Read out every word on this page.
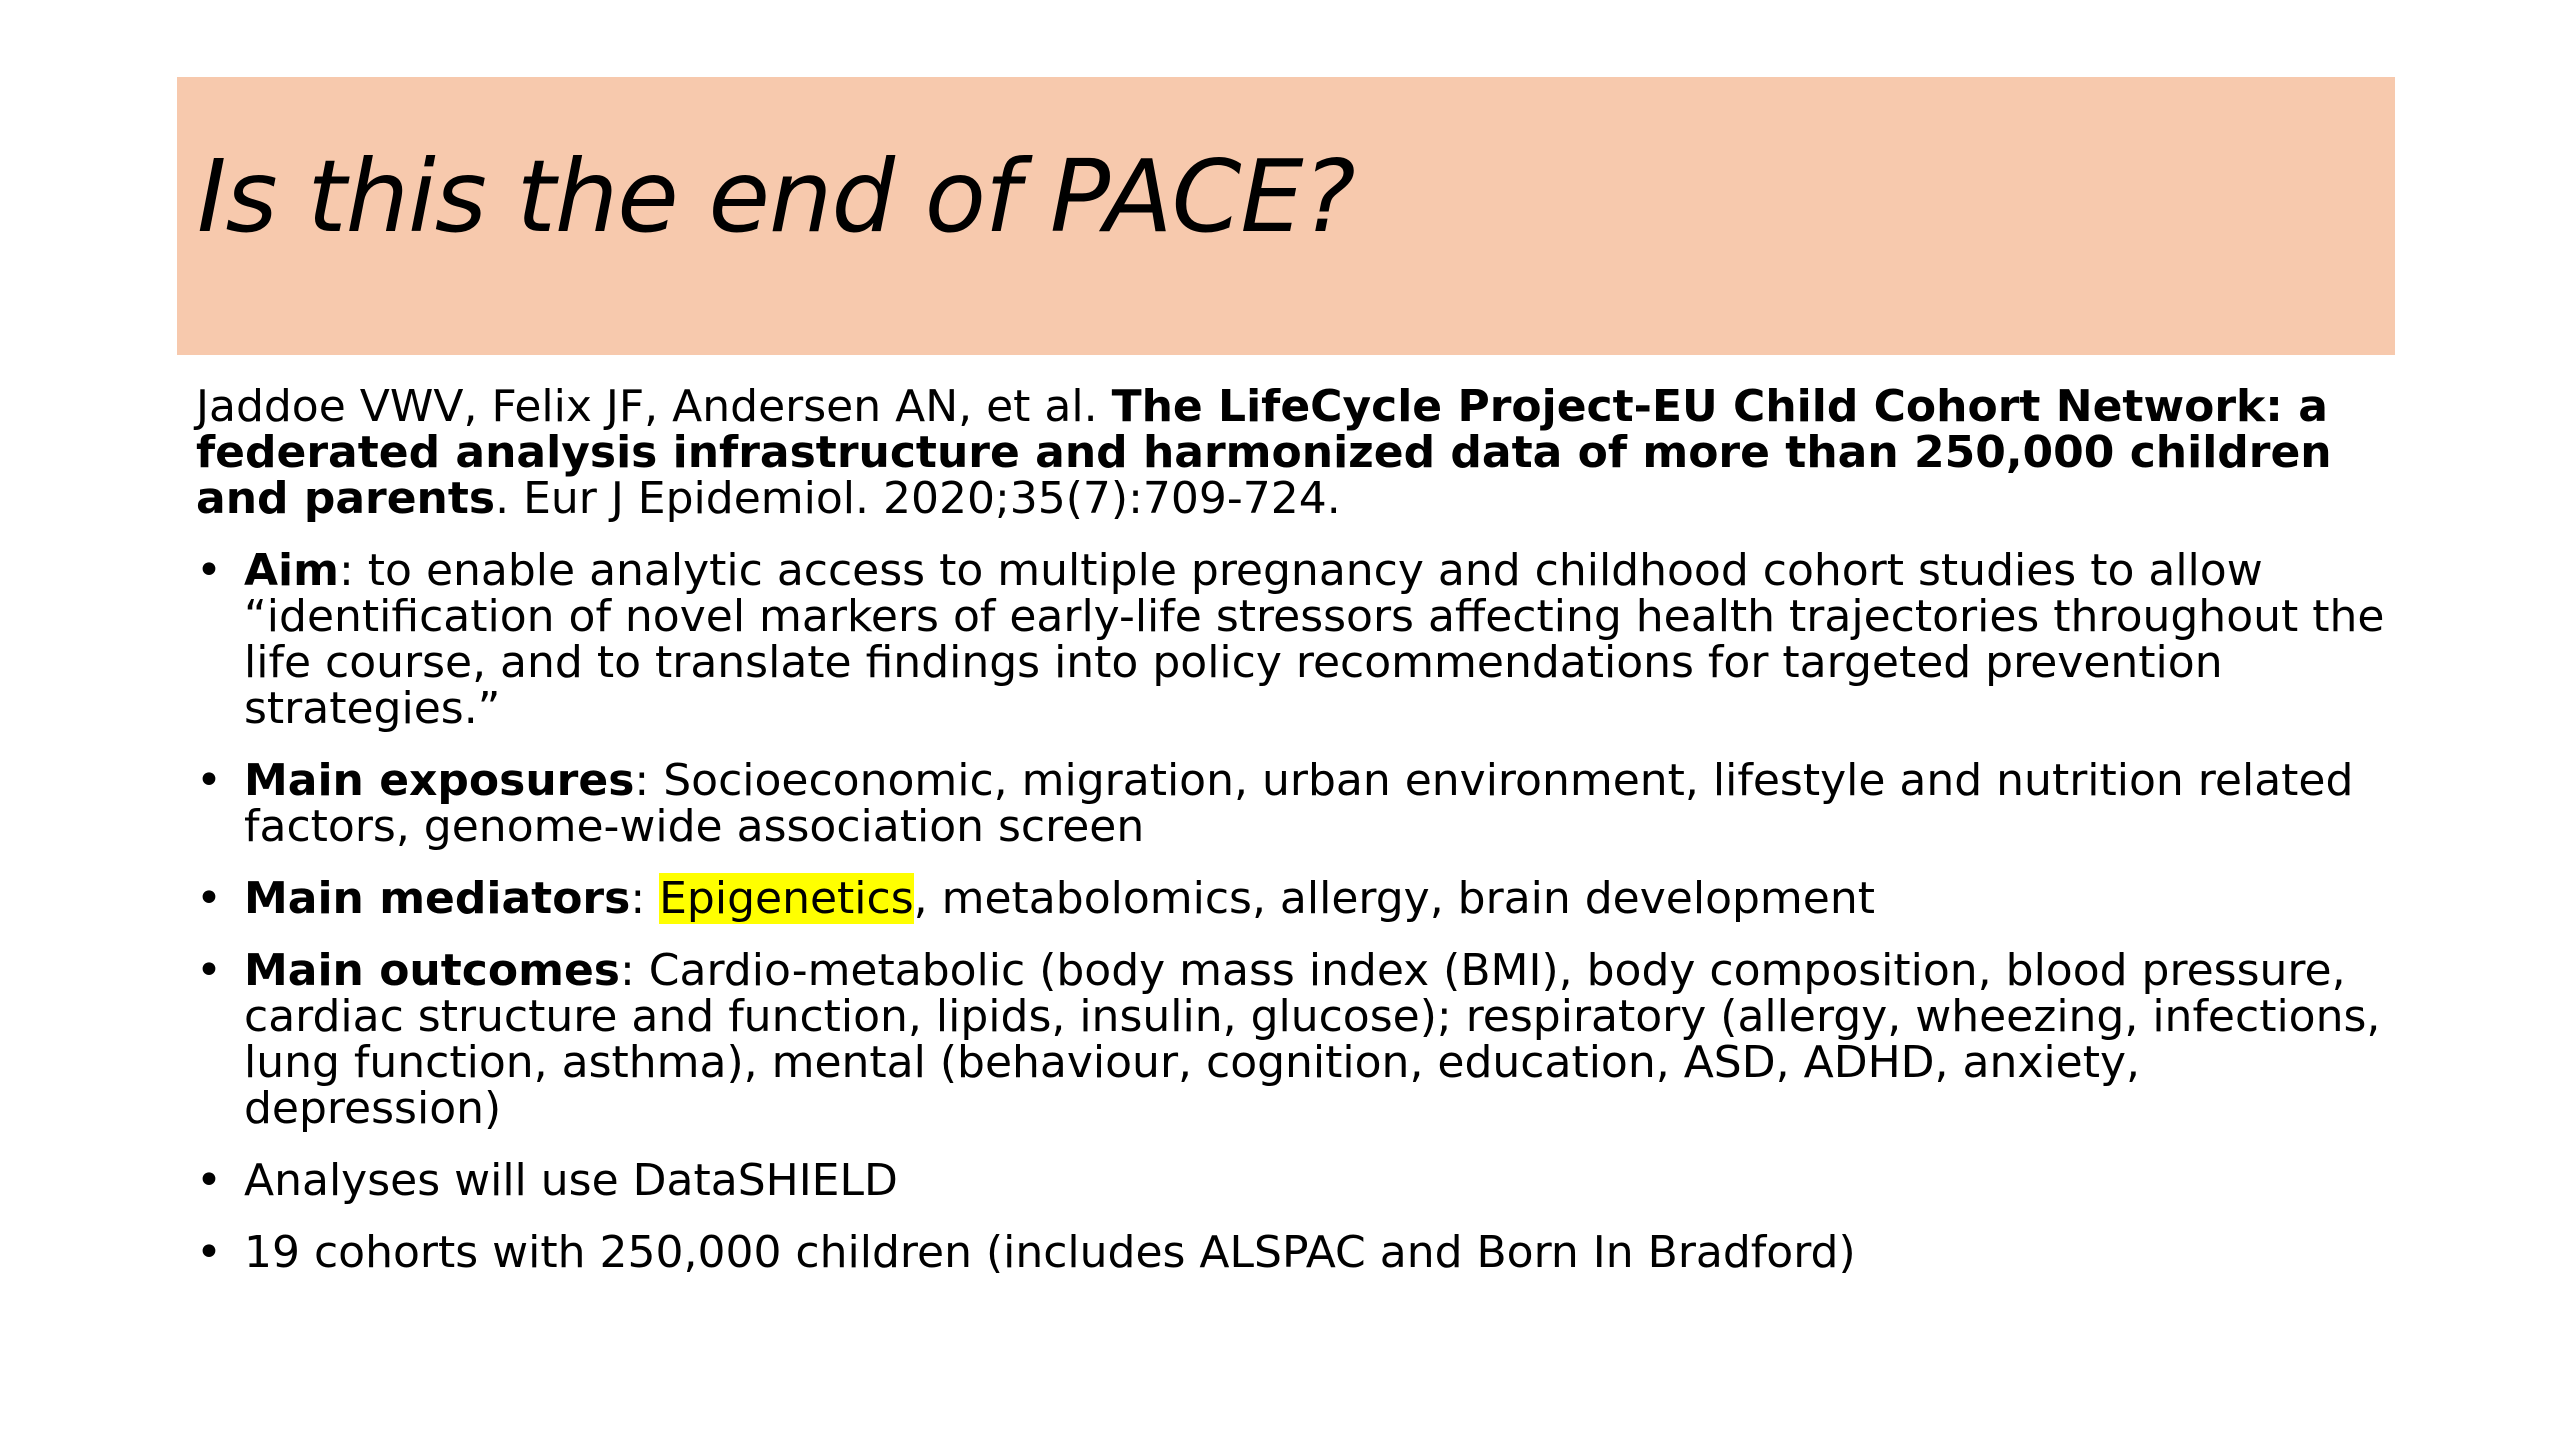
Is this the end of PACE?

Jaddoe VWV, Felix JF, Andersen AN, et al. The LifeCycle Project-EU Child Cohort Network: a federated analysis infrastructure and harmonized data of more than 250,000 children and parents. Eur J Epidemiol. 2020;35(7):709-724.

• Aim: to enable analytic access to multiple pregnancy and childhood cohort studies to allow “identification of novel markers of early-life stressors affecting health trajectories throughout the life course, and to translate findings into policy recommendations for targeted prevention strategies.”
• Main exposures: Socioeconomic, migration, urban environment, lifestyle and nutrition related factors, genome-wide association screen
• Main mediators: Epigenetics, metabolomics, allergy, brain development
• Main outcomes: Cardio-metabolic (body mass index (BMI), body composition, blood pressure, cardiac structure and function, lipids, insulin, glucose); respiratory (allergy, wheezing, infections, lung function, asthma), mental (behaviour, cognition, education, ASD, ADHD, anxiety, depression)
• Analyses will use DataSHIELD
• 19 cohorts with 250,000 children (includes ALSPAC and Born In Bradford)
